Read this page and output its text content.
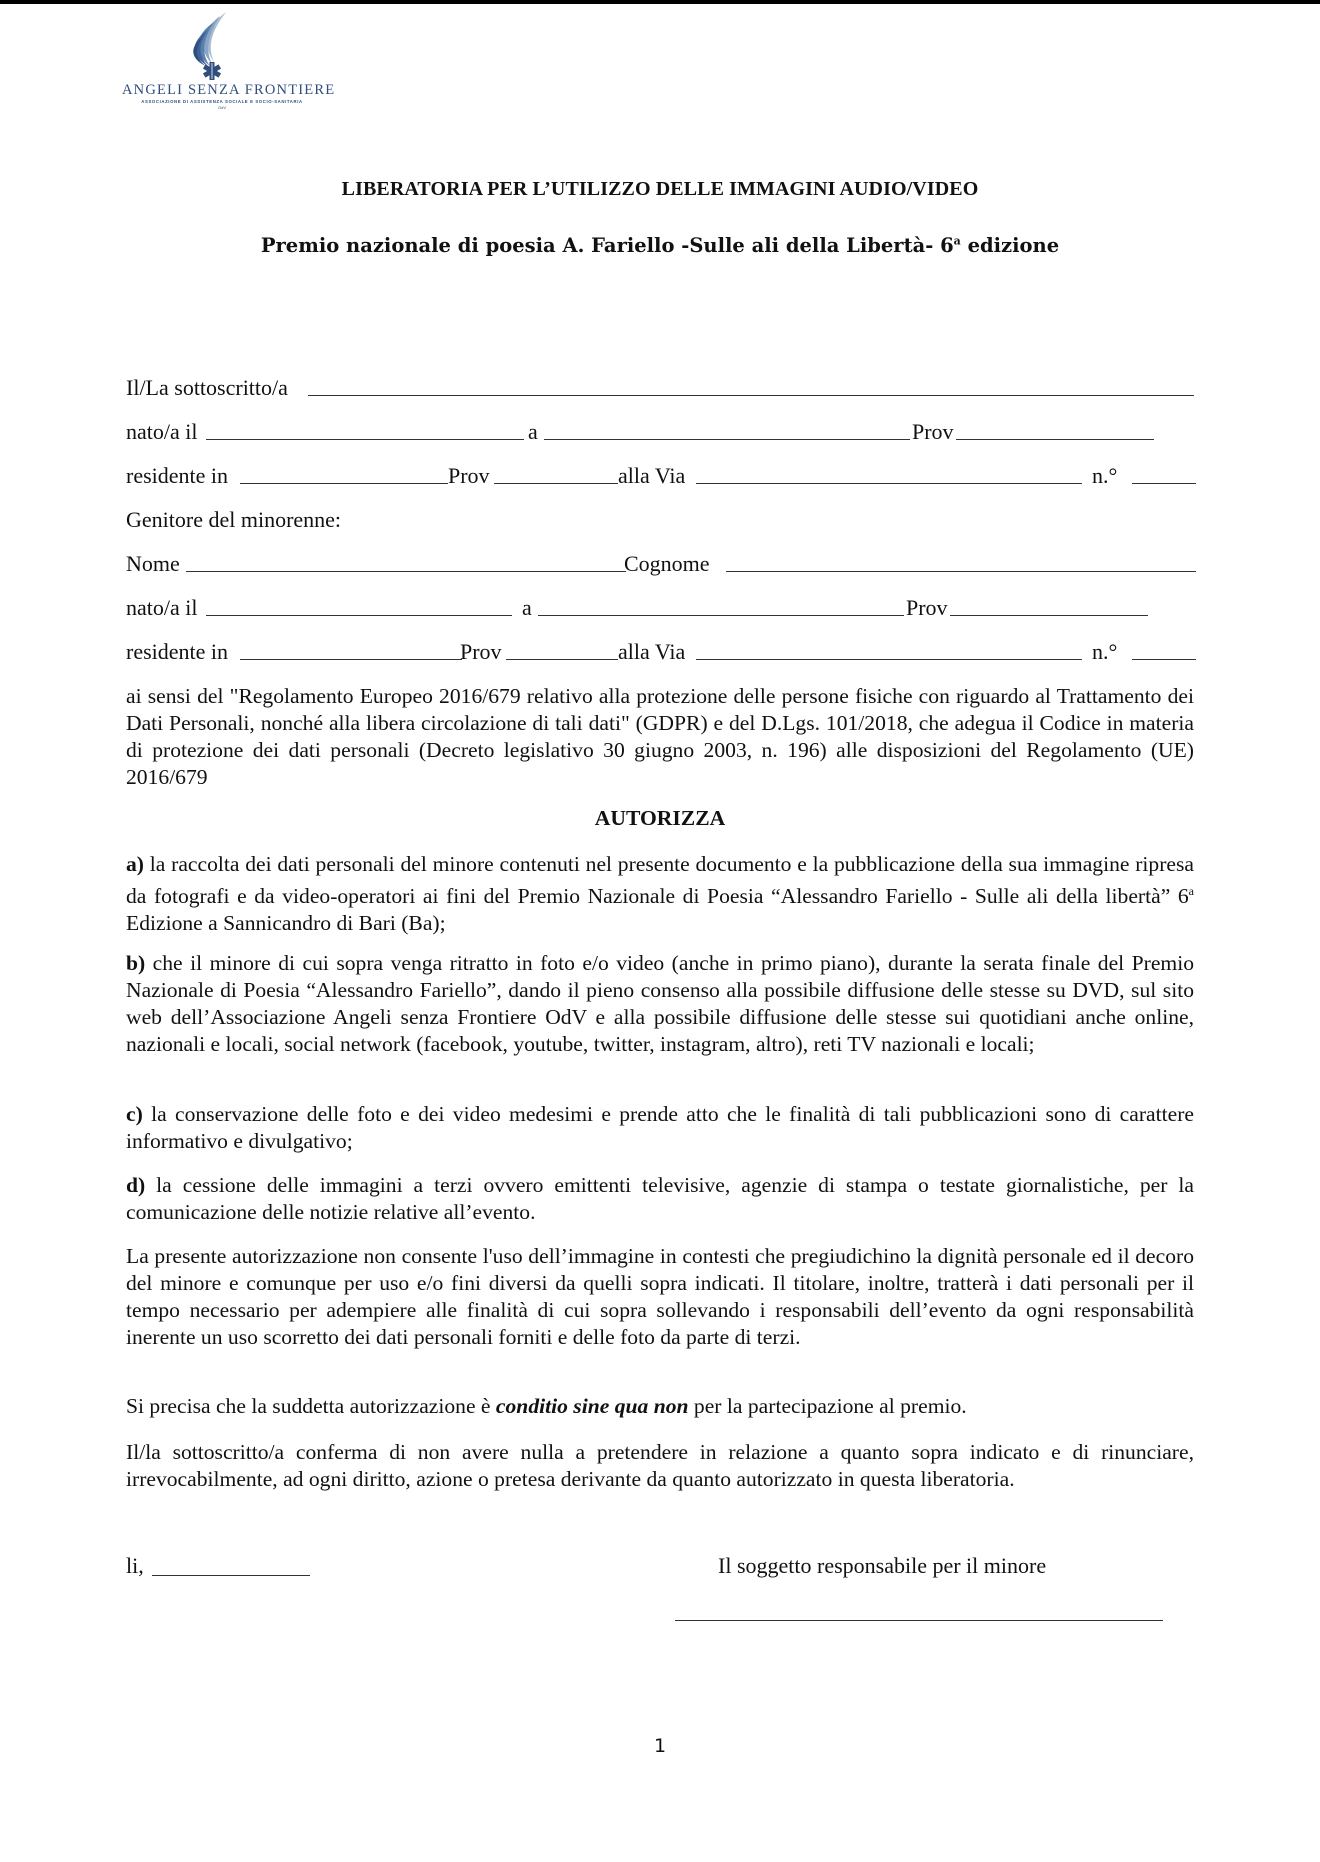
ANGELI SENZA FRONTIERE
ASSOCIAZIONE DI ASSISTENZA SOCIALE E SOCIO-SANITARIA
OdV
LIBERATORIA PER L’UTILIZZO DELLE IMMAGINI AUDIO/VIDEO
Premio nazionale di poesia A. Fariello -Sulle ali della Libertà- 6$^a$ edizione
Il/La sottoscritto/a
nato/a il	a	Prov
residente in	Prov	alla Via	n.°
Genitore del minorenne:
Nome	Cognome
nato/a il	a	Prov
residente in	Prov	alla Via	n.°
ai sensi del "Regolamento Europeo 2016/679 relativo alla protezione delle persone fisiche con riguardo al Trattamento dei Dati Personali, nonché alla libera circolazione di tali dati" (GDPR) e del D.Lgs. 101/2018, che adegua il Codice in materia di protezione dei dati personali (Decreto legislativo 30 giugno 2003, n. 196) alle disposizioni del Regolamento (UE) 2016/679
AUTORIZZA
a) la raccolta dei dati personali del minore contenuti nel presente documento e la pubblicazione della sua immagine ripresa da fotografi e da video-operatori ai fini del Premio Nazionale di Poesia “Alessandro Fariello - Sulle ali della libertà” 6$^a$ Edizione a Sannicandro di Bari (Ba);
b) che il minore di cui sopra venga ritratto in foto e/o video (anche in primo piano), durante la serata finale del Premio Nazionale di Poesia “Alessandro Fariello”, dando il pieno consenso alla possibile diffusione delle stesse su DVD, sul sito web dell’Associazione Angeli senza Frontiere OdV e alla possibile diffusione delle stesse sui quotidiani anche online, nazionali e locali, social network (facebook, youtube, twitter, instagram, altro), reti TV nazionali e locali;
c) la conservazione delle foto e dei video medesimi e prende atto che le finalità di tali pubblicazioni sono di carattere informativo e divulgativo;
d) la cessione delle immagini a terzi ovvero emittenti televisive, agenzie di stampa o testate giornalistiche, per la comunicazione delle notizie relative all’evento.
La presente autorizzazione non consente l'uso dell’immagine in contesti che pregiudichino la dignità personale ed il decoro del minore e comunque per uso e/o fini diversi da quelli sopra indicati. Il titolare, inoltre, tratterà i dati personali per il tempo necessario per adempiere alle finalità di cui sopra sollevando i responsabili dell’evento da ogni responsabilità inerente un uso scorretto dei dati personali forniti e delle foto da parte di terzi.
Si precisa che la suddetta autorizzazione è conditio sine qua non per la partecipazione al premio.
Il/la sottoscritto/a conferma di non avere nulla a pretendere in relazione a quanto sopra indicato e di rinunciare, irrevocabilmente, ad ogni diritto, azione o pretesa derivante da quanto autorizzato in questa liberatoria.
li,	Il soggetto responsabile per il minore
1
